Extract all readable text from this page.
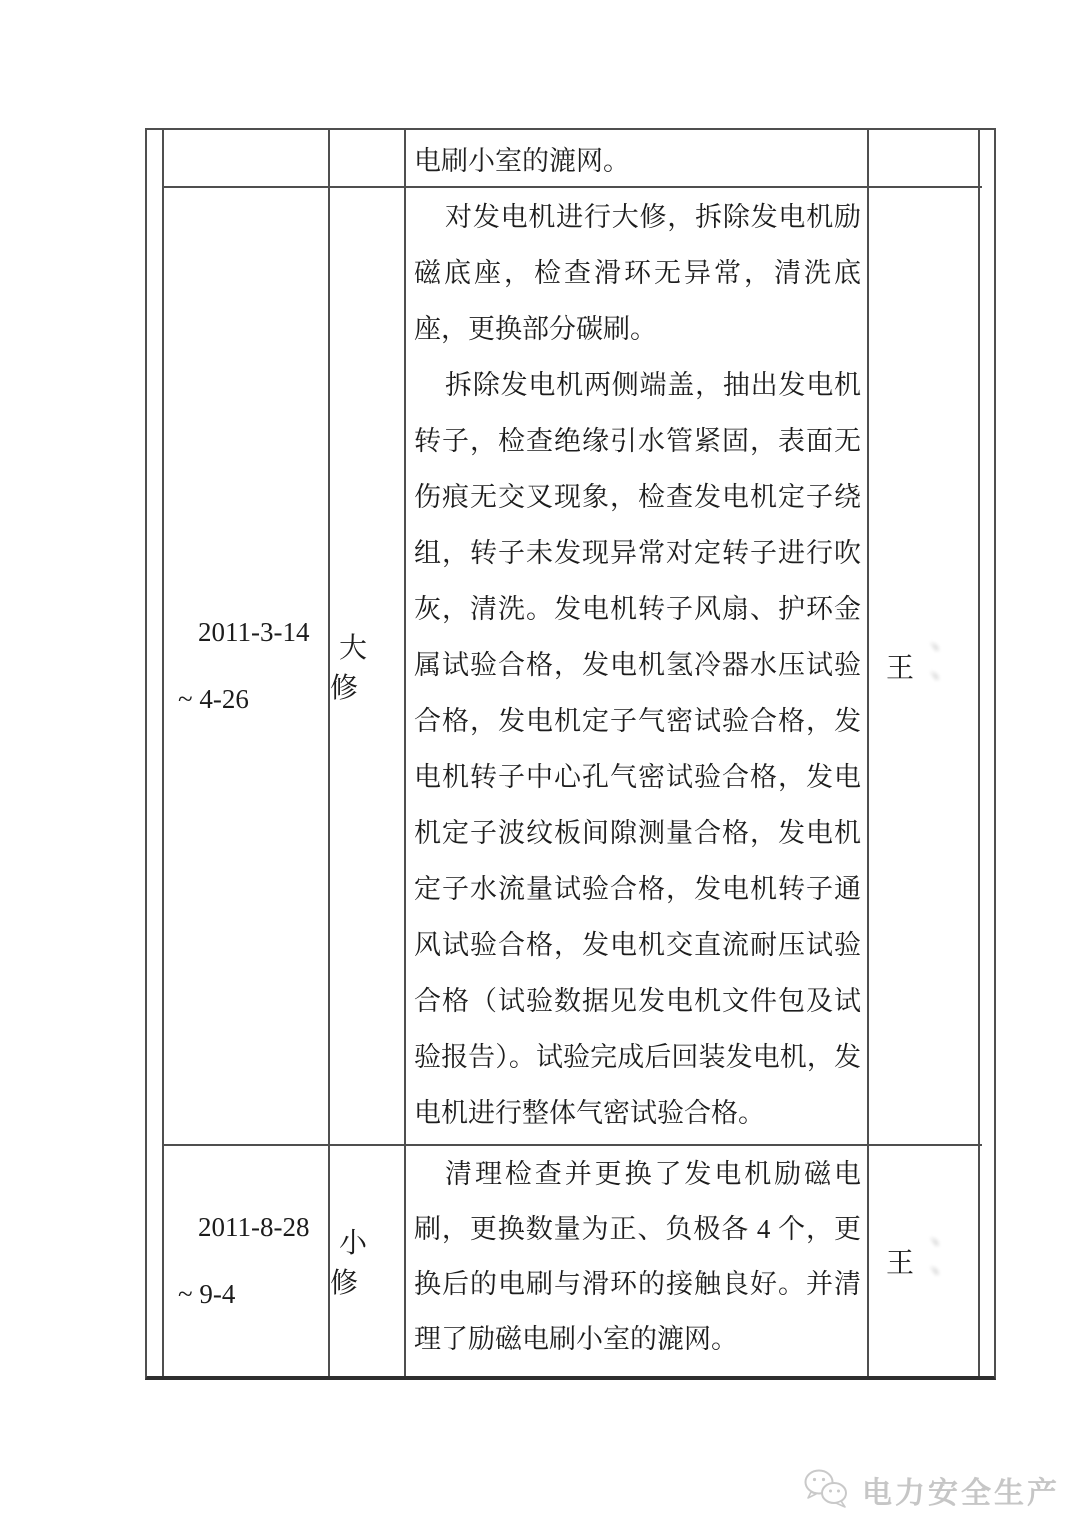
电刷小室的漉网。

2011-3-14
~ 4-26
大修

对发电机进行大修，拆除发电机励磁底座，检查滑环无异常，清洗底座，更换部分碳刷。

拆除发电机两侧端盖，抽出发电机转子，检查绝缘引水管紧固，表面无伤痕无交叉现象，检查发电机定子绕组，转子未发现异常对定转子进行吹灰，清洗。发电机转子风扇、护环金属试验合格，发电机氢冷器水压试验合格，发电机定子气密试验合格，发电机转子中心孔气密试验合格，发电机定子波纹板间隙测量合格，发电机定子水流量试验合格，发电机转子通风试验合格，发电机交直流耐压试验合格（试验数据见发电机文件包及试验报告）。试验完成后回装发电机，发电机进行整体气密试验合格。

王
丶丶
2011-8-28
~ 9-4
小修

清理检查并更换了发电机励磁电刷，更换数量为正、负极各 4 个，更换后的电刷与滑环的接触良好。并清理了励磁电刷小室的漉网。

王
丶丶
电力安全生产
